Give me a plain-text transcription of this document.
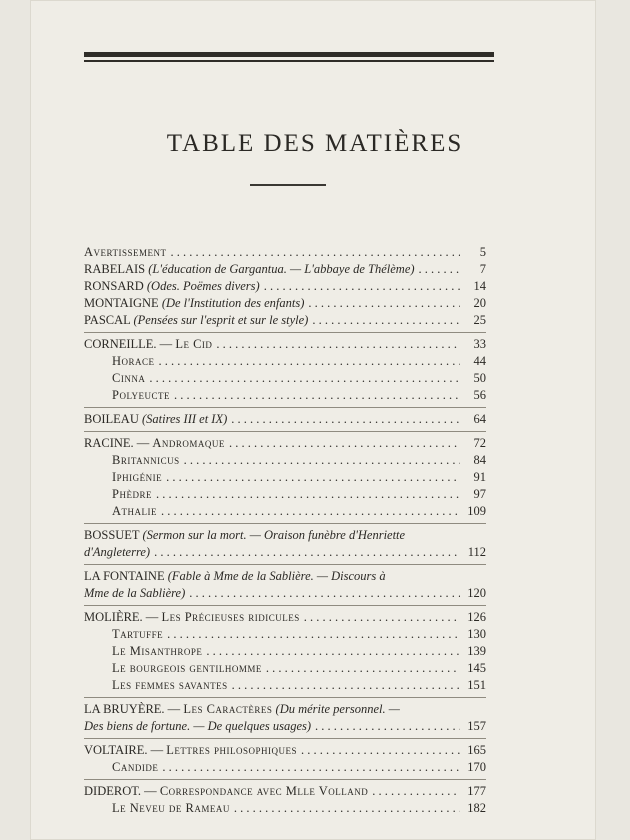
TABLE DES MATIÈRES
Avertissement . . .	5
RABELAIS (L'éducation de Gargantua. — L'abbaye de Thélème) . . .	7
RONSARD (Odes. Poëmes divers) . . .	14
MONTAIGNE (De l'Institution des enfants) . . .	20
PASCAL (Pensées sur l'esprit et sur le style) . . .	25
CORNEILLE. — Le Cid . . .	33
Horace . . .	44
Cinna . . .	50
Polyeucte . . .	56
BOILEAU (Satires III et IX) . . .	64
RACINE. — Andromaque . . .	72
Britannicus . . .	84
Iphigénie . . .	91
Phèdre . . .	97
Athalie . . .	109
BOSSUET (Sermon sur la mort. — Oraison funèbre d'Henriette
d'Angleterre) . . .	112
LA FONTAINE (Fable à Mme de la Sablière. — Discours à
Mme de la Sablière) . . .	120
MOLIÈRE. — Les Précieuses ridicules . . .	126
Tartuffe . . .	130
Le Misanthrope . . .	139
Le bourgeois gentilhomme . . .	145
Les femmes savantes . . .	151
LA BRUYÈRE. — Les Caractères (Du mérite personnel. —
Des biens de fortune. — De quelques usages) . . .	157
VOLTAIRE. — Lettres philosophiques . . .	165
Candide . . .	170
DIDEROT. — Correspondance avec Mlle Volland . . .	177
Le Neveu de Rameau . . .	182
